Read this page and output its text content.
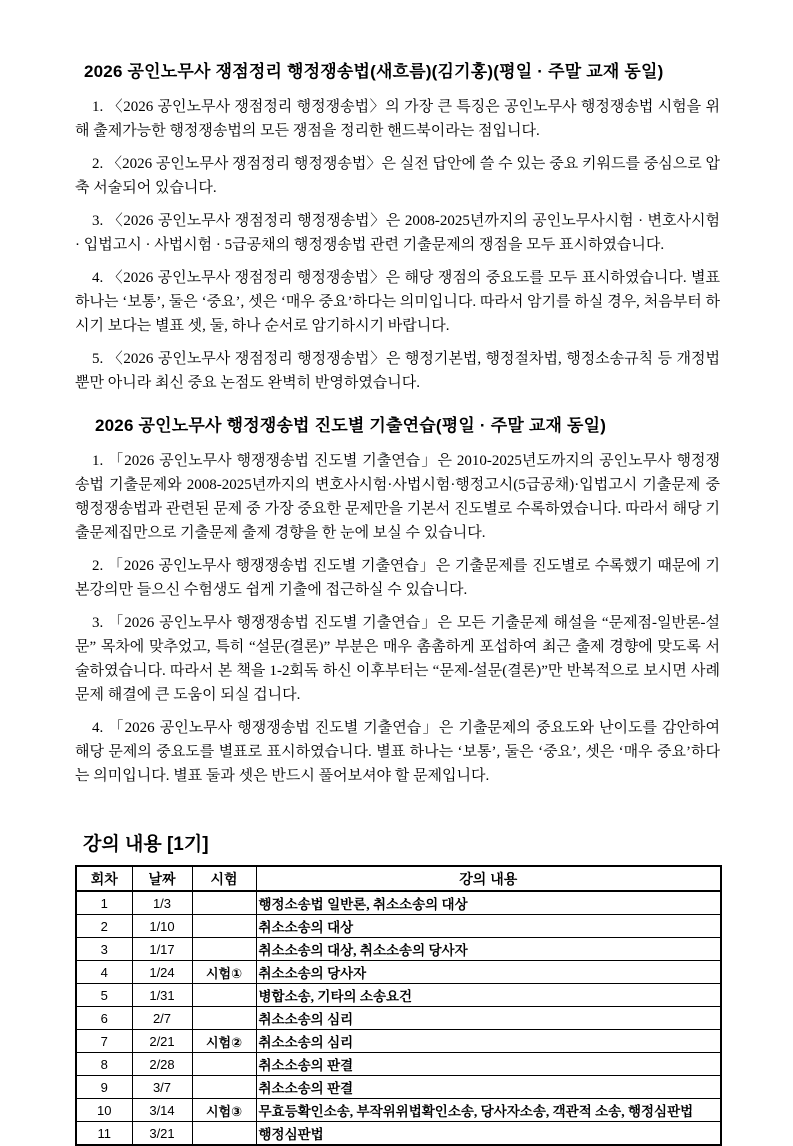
2026 공인노무사 쟁점정리 행정쟁송법(새흐름)(김기홍)(평일 · 주말 교재 동일)

1. 〈2026 공인노무사 쟁점정리 행정쟁송법〉의 가장 큰 특징은 공인노무사 행정쟁송법 시험을 위해 출제가능한 행정쟁송법의 모든 쟁점을 정리한 핸드북이라는 점입니다.

2. 〈2026 공인노무사 쟁점정리 행정쟁송법〉은 실전 답안에 쓸 수 있는 중요 키워드를 중심으로 압축 서술되어 있습니다.

3. 〈2026 공인노무사 쟁점정리 행정쟁송법〉은 2008-2025년까지의 공인노무사시험 · 변호사시험 · 입법고시 · 사법시험 · 5급공채의 행정쟁송법 관련 기출문제의 쟁점을 모두 표시하였습니다.

4. 〈2026 공인노무사 쟁점정리 행정쟁송법〉은 해당 쟁점의 중요도를 모두 표시하였습니다. 별표 하나는 ‘보통’, 둘은 ‘중요’, 셋은 ‘매우 중요’하다는 의미입니다. 따라서 암기를 하실 경우, 처음부터 하시기 보다는 별표 셋, 둘, 하나 순서로 암기하시기 바랍니다.

5. 〈2026 공인노무사 쟁점정리 행정쟁송법〉은 행정기본법, 행정절차법, 행정소송규칙 등 개정법 뿐만 아니라 최신 중요 논점도 완벽히 반영하였습니다.

2026 공인노무사 행정쟁송법 진도별 기출연습(평일 · 주말 교재 동일)

1. 「2026 공인노무사 행쟁쟁송법 진도별 기출연습」은 2010-2025년도까지의 공인노무사 행정쟁송법 기출문제와 2008-2025년까지의 변호사시험·사법시험·행정고시(5급공채)·입법고시 기출문제 중 행정쟁송법과 관련된 문제 중 가장 중요한 문제만을 기본서 진도별로 수록하였습니다. 따라서 해당 기출문제집만으로 기출문제 출제 경향을 한 눈에 보실 수 있습니다.

2. 「2026 공인노무사 행쟁쟁송법 진도별 기출연습」은 기출문제를 진도별로 수록했기 때문에 기본강의만 들으신 수험생도 쉽게 기출에 접근하실 수 있습니다.

3. 「2026 공인노무사 행쟁쟁송법 진도별 기출연습」은 모든 기출문제 해설을 “문제점-일반론-설문” 목차에 맞추었고, 특히 “설문(결론)” 부분은 매우 촘촘하게 포섭하여 최근 출제 경향에 맞도록 서술하였습니다. 따라서 본 책을 1-2회독 하신 이후부터는 “문제-설문(결론)”만 반복적으로 보시면 사례문제 해결에 큰 도움이 되실 겁니다.

4. 「2026 공인노무사 행쟁쟁송법 진도별 기출연습」은 기출문제의 중요도와 난이도를 감안하여 해당 문제의 중요도를 별표로 표시하였습니다. 별표 하나는 ‘보통’, 둘은 ‘중요’, 셋은 ‘매우 중요’하다는 의미입니다. 별표 둘과 셋은 반드시 풀어보셔야 할 문제입니다.

강의 내용 [1기]
회차	날짜	시험	강의 내용
1	1/3		행정소송법 일반론, 취소소송의 대상
2	1/10		취소소송의 대상
3	1/17		취소소송의 대상, 취소소송의 당사자
4	1/24	시험①	취소소송의 당사자
5	1/31		병합소송, 기타의 소송요건
6	2/7		취소소송의 심리
7	2/21	시험②	취소소송의 심리
8	2/28		취소소송의 판결
9	3/7		취소소송의 판결
10	3/14	시험③	무효등확인소송, 부작위위법확인소송, 당사자소송, 객관적 소송, 행정심판법
11	3/21		행정심판법
